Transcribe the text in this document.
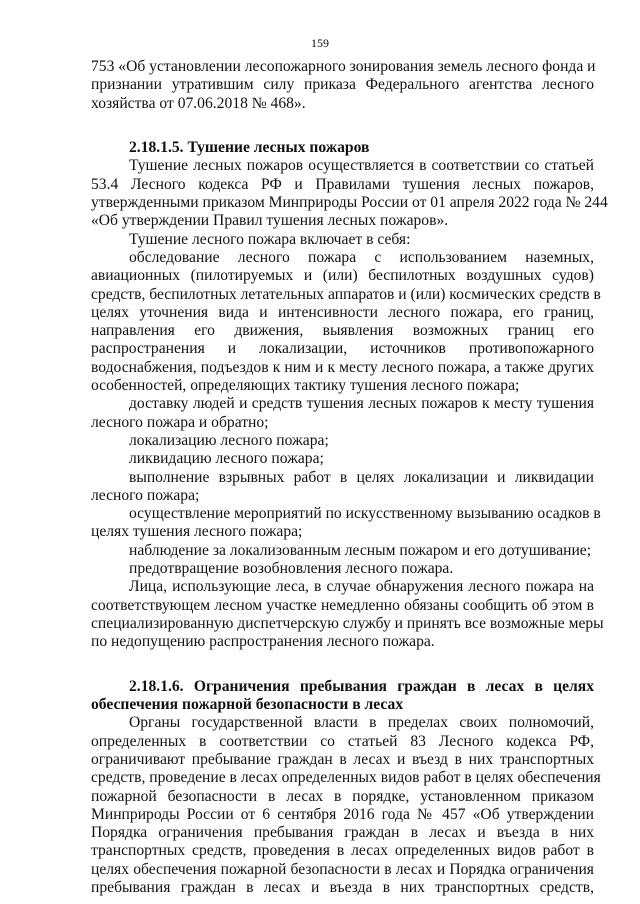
159
753 «Об установлении лесопожарного зонирования земель лесного фонда и
признании утратившим силу приказа Федерального агентства лесного
хозяйства от 07.06.2018 № 468».
2.18.1.5. Тушение лесных пожаров
Тушение лесных пожаров осуществляется в соответствии со статьей
53.4 Лесного кодекса РФ и Правилами тушения лесных пожаров,
утвержденными приказом Минприроды России от 01 апреля 2022 года № 244
«Об утверждении Правил тушения лесных пожаров».
Тушение лесного пожара включает в себя:
обследование лесного пожара с использованием наземных,
авиационных (пилотируемых и (или) беспилотных воздушных судов)
средств, беспилотных летательных аппаратов и (или) космических средств в
целях уточнения вида и интенсивности лесного пожара, его границ,
направления его движения, выявления возможных границ его
распространения и локализации, источников противопожарного
водоснабжения, подъездов к ним и к месту лесного пожара, а также других
особенностей, определяющих тактику тушения лесного пожара;
доставку людей и средств тушения лесных пожаров к месту тушения
лесного пожара и обратно;
локализацию лесного пожара;
ликвидацию лесного пожара;
выполнение взрывных работ в целях локализации и ликвидации
лесного пожара;
осуществление мероприятий по искусственному вызыванию осадков в
целях тушения лесного пожара;
наблюдение за локализованным лесным пожаром и его дотушивание;
предотвращение возобновления лесного пожара.
Лица, использующие леса, в случае обнаружения лесного пожара на
соответствующем лесном участке немедленно обязаны сообщить об этом в
специализированную диспетчерскую службу и принять все возможные меры
по недопущению распространения лесного пожара.
2.18.1.6. Ограничения пребывания граждан в лесах в целях
обеспечения пожарной безопасности в лесах
Органы государственной власти в пределах своих полномочий,
определенных в соответствии со статьей 83 Лесного кодекса РФ,
ограничивают пребывание граждан в лесах и въезд в них транспортных
средств, проведение в лесах определенных видов работ в целях обеспечения
пожарной безопасности в лесах в порядке, установленном приказом
Минприроды России от 6 сентября 2016 года № 457 «Об утверждении
Порядка ограничения пребывания граждан в лесах и въезда в них
транспортных средств, проведения в лесах определенных видов работ в
целях обеспечения пожарной безопасности в лесах и Порядка ограничения
пребывания граждан в лесах и въезда в них транспортных средств,
